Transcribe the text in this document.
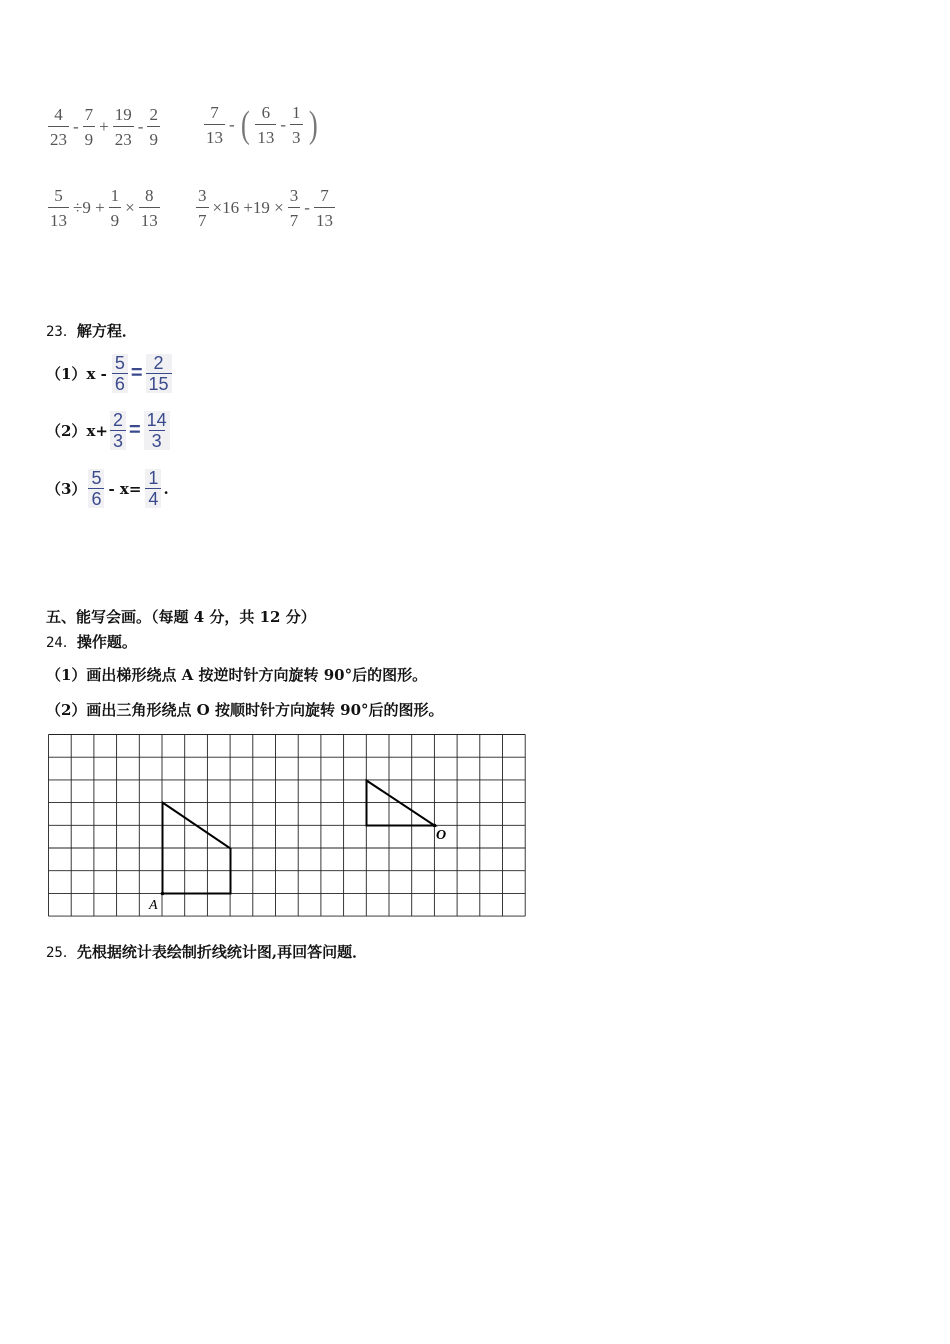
$\frac{4}{23} - \frac{7}{9} + \frac{19}{23} - \frac{2}{9}$	$\frac{7}{13}$ - ( $\frac{6}{13} - \frac{1}{3}$ )
$\frac{5}{13} \div 9 + \frac{1}{9} \times \frac{8}{13} \frac{3}{7} \times 16 +19 \times \frac{3}{7} - \frac{7}{13}$
23．解方程．
（1） $x - \frac{5}{6} = \frac{2}{15}$
（2） $x+ \frac{2}{3} = \frac{14}{3}$
$(3) \frac{5}{6} - x= \frac{1}{4}$ .
五、能写会画。（每题 4 分，共 12 分）
24．操作题。
（1）画出梯形绕点 A 按逆时针方向旋转 90°后的图形。
（2）画出三角形绕点 O 按顺时针方向旋转 90°后的图形。
A
O
25．先根据统计表绘制折线统计图,再回答问题．
